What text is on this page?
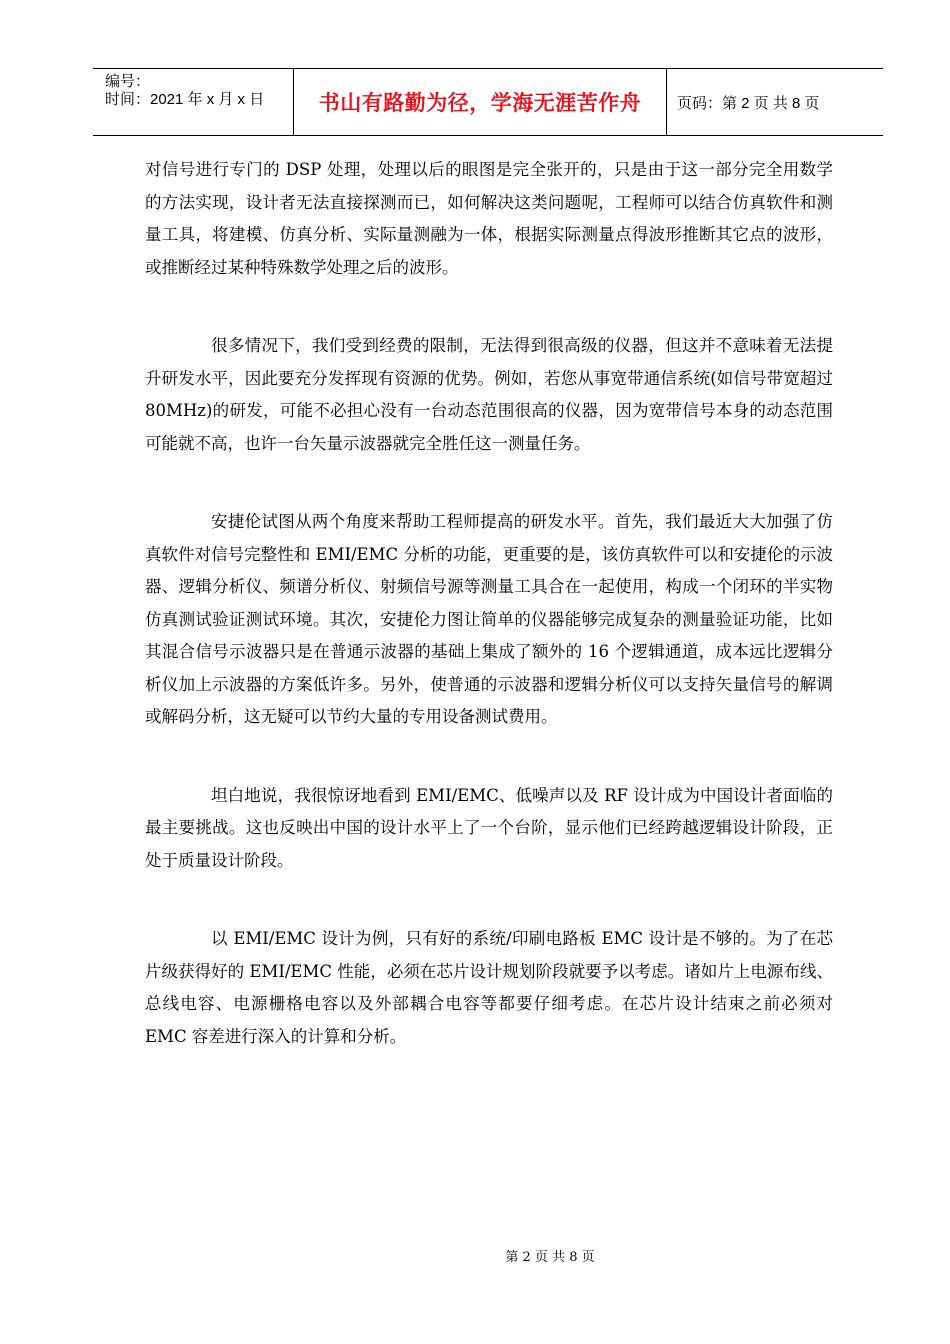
编号：
时间：2021 年 x 月 x 日	书山有路勤为径，学海无涯苦作舟	页码：第 2 页 共 8 页

对信号进行专门的 DSP 处理，处理以后的眼图是完全张开的，只是由于这一部分完全用数学的方法实现，设计者无法直接探测而已，如何解决这类问题呢，工程师可以结合仿真软件和测量工具，将建模、仿真分析、实际量测融为一体，根据实际测量点得波形推断其它点的波形，或推断经过某种特殊数学处理之后的波形。

很多情况下，我们受到经费的限制，无法得到很高级的仪器，但这并不意味着无法提升研发水平，因此要充分发挥现有资源的优势。例如，若您从事宽带通信系统(如信号带宽超过 80MHz)的研发，可能不必担心没有一台动态范围很高的仪器，因为宽带信号本身的动态范围可能就不高，也许一台矢量示波器就完全胜任这一测量任务。

安捷伦试图从两个角度来帮助工程师提高的研发水平。首先，我们最近大大加强了仿真软件对信号完整性和 EMI/EMC 分析的功能，更重要的是，该仿真软件可以和安捷伦的示波器、逻辑分析仪、频谱分析仪、射频信号源等测量工具合在一起使用，构成一个闭环的半实物仿真测试验证测试环境。其次，安捷伦力图让简单的仪器能够完成复杂的测量验证功能，比如其混合信号示波器只是在普通示波器的基础上集成了额外的 16 个逻辑通道，成本远比逻辑分析仪加上示波器的方案低许多。另外，使普通的示波器和逻辑分析仪可以支持矢量信号的解调或解码分析，这无疑可以节约大量的专用设备测试费用。

坦白地说，我很惊讶地看到 EMI/EMC、低噪声以及 RF 设计成为中国设计者面临的最主要挑战。这也反映出中国的设计水平上了一个台阶，显示他们已经跨越逻辑设计阶段，正处于质量设计阶段。

以 EMI/EMC 设计为例，只有好的系统/印刷电路板 EMC 设计是不够的。为了在芯片级获得好的 EMI/EMC 性能，必须在芯片设计规划阶段就要予以考虑。诸如片上电源布线、总线电容、电源栅格电容以及外部耦合电容等都要仔细考虑。在芯片设计结束之前必须对 EMC 容差进行深入的计算和分析。

第 2 页 共 8 页
